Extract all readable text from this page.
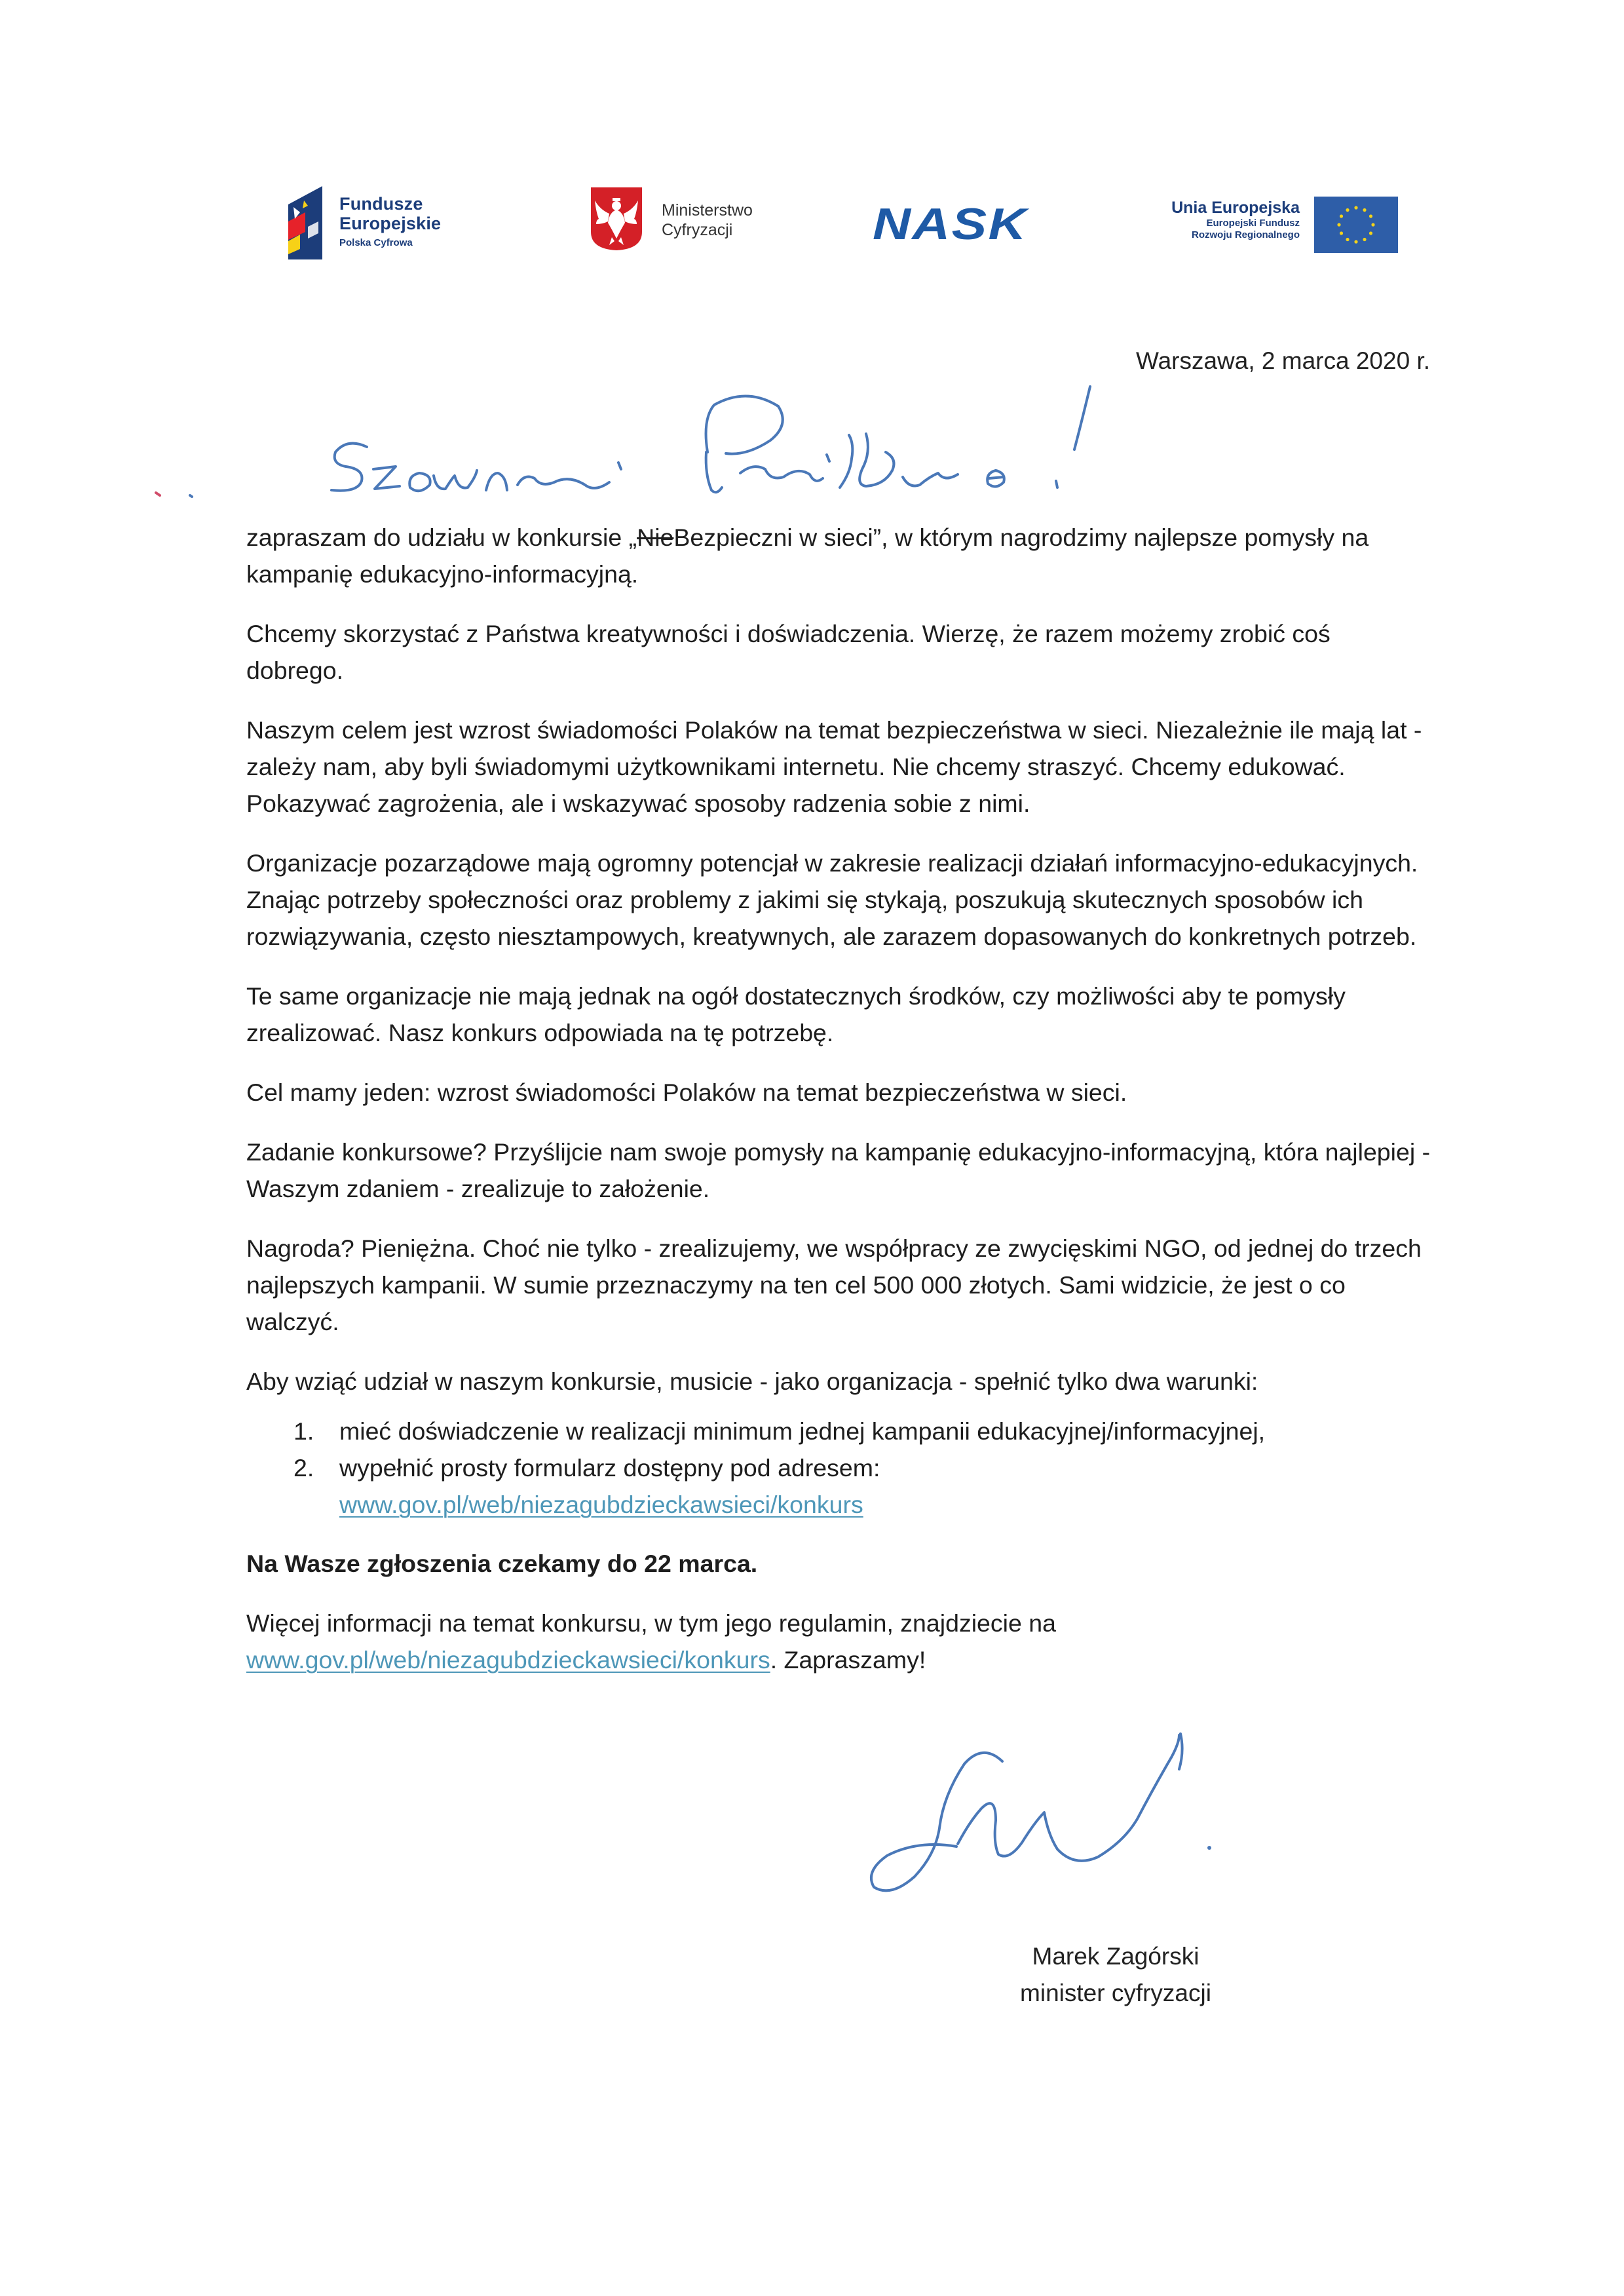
Fundusze
Europejskie
Polska Cyfrowa
Ministerstwo
Cyfryzacji	NASK	Unia Europejska
Europejski Fundusz
Rozwoju Regionalnego
Warszawa, 2 marca 2020 r.

zapraszam do udziału w konkursie „NieBezpieczni w sieci”, w którym nagrodzimy najlepsze pomysły na kampanię edukacyjno-informacyjną.

Chcemy skorzystać z Państwa kreatywności i doświadczenia. Wierzę, że razem możemy zrobić coś dobrego.

Naszym celem jest wzrost świadomości Polaków na temat bezpieczeństwa w sieci. Niezależnie ile mają lat - zależy nam, aby byli świadomymi użytkownikami internetu. Nie chcemy straszyć. Chcemy edukować. Pokazywać zagrożenia, ale i wskazywać sposoby radzenia sobie z nimi.

Organizacje pozarządowe mają ogromny potencjał w zakresie realizacji działań informacyjno-edukacyjnych. Znając potrzeby społeczności oraz problemy z jakimi się stykają, poszukują skutecznych sposobów ich rozwiązywania, często niesztampowych, kreatywnych, ale zarazem dopasowanych do konkretnych potrzeb.

Te same organizacje nie mają jednak na ogół dostatecznych środków, czy możliwości aby te pomysły zrealizować. Nasz konkurs odpowiada na tę potrzebę.

Cel mamy jeden: wzrost świadomości Polaków na temat bezpieczeństwa w sieci.

Zadanie konkursowe? Przyślijcie nam swoje pomysły na kampanię edukacyjno-informacyjną, która najlepiej - Waszym zdaniem - zrealizuje to założenie.

Nagroda? Pieniężna. Choć nie tylko - zrealizujemy, we współpracy ze zwycięskimi NGO, od jednej do trzech najlepszych kampanii. W sumie przeznaczymy na ten cel 500 000 złotych. Sami widzicie, że jest o co walczyć.

Aby wziąć udział w naszym konkursie, musicie - jako organizacja - spełnić tylko dwa warunki:

1. mieć doświadczenie w realizacji minimum jednej kampanii edukacyjnej/informacyjnej,
2. wypełnić prosty formularz dostępny pod adresem:
www.gov.pl/web/niezagubdzieckawsieci/konkurs

Na Wasze zgłoszenia czekamy do 22 marca.

Więcej informacji na temat konkursu, w tym jego regulamin, znajdziecie na
www.gov.pl/web/niezagubdzieckawsieci/konkurs. Zapraszamy!

Marek Zagórski
minister cyfryzacji
